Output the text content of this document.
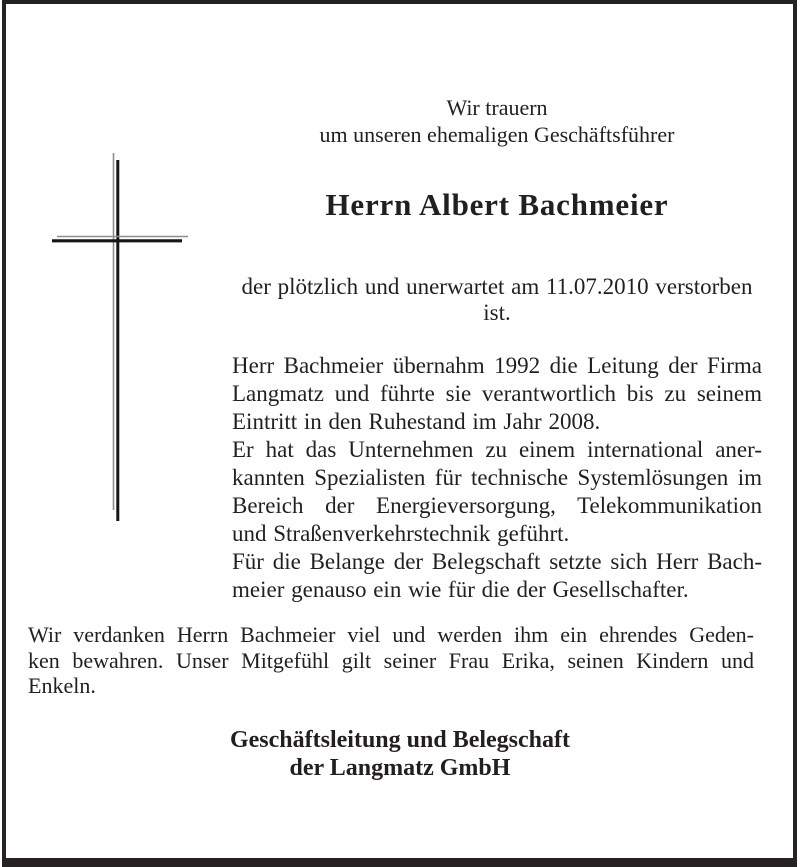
Wir trauern
um unseren ehemaligen Geschäftsführer
Herrn Albert Bachmeier
der plötzlich und unerwartet am 11.07.2010 verstorben
ist.
Herr Bachmeier übernahm 1992 die Leitung der Firma
Langmatz und führte sie verantwortlich bis zu seinem
Eintritt in den Ruhestand im Jahr 2008.
Er hat das Unternehmen zu einem international aner-
kannten Spezialisten für technische Systemlösungen im
Bereich der Energieversorgung, Telekommunikation
und Straßenverkehrstechnik geführt.
Für die Belange der Belegschaft setzte sich Herr Bach-
meier genauso ein wie für die der Gesellschafter.
Wir verdanken Herrn Bachmeier viel und werden ihm ein ehrendes Geden-
ken bewahren. Unser Mitgefühl gilt seiner Frau Erika, seinen Kindern und
Enkeln.
Geschäftsleitung und Belegschaft
der Langmatz GmbH
